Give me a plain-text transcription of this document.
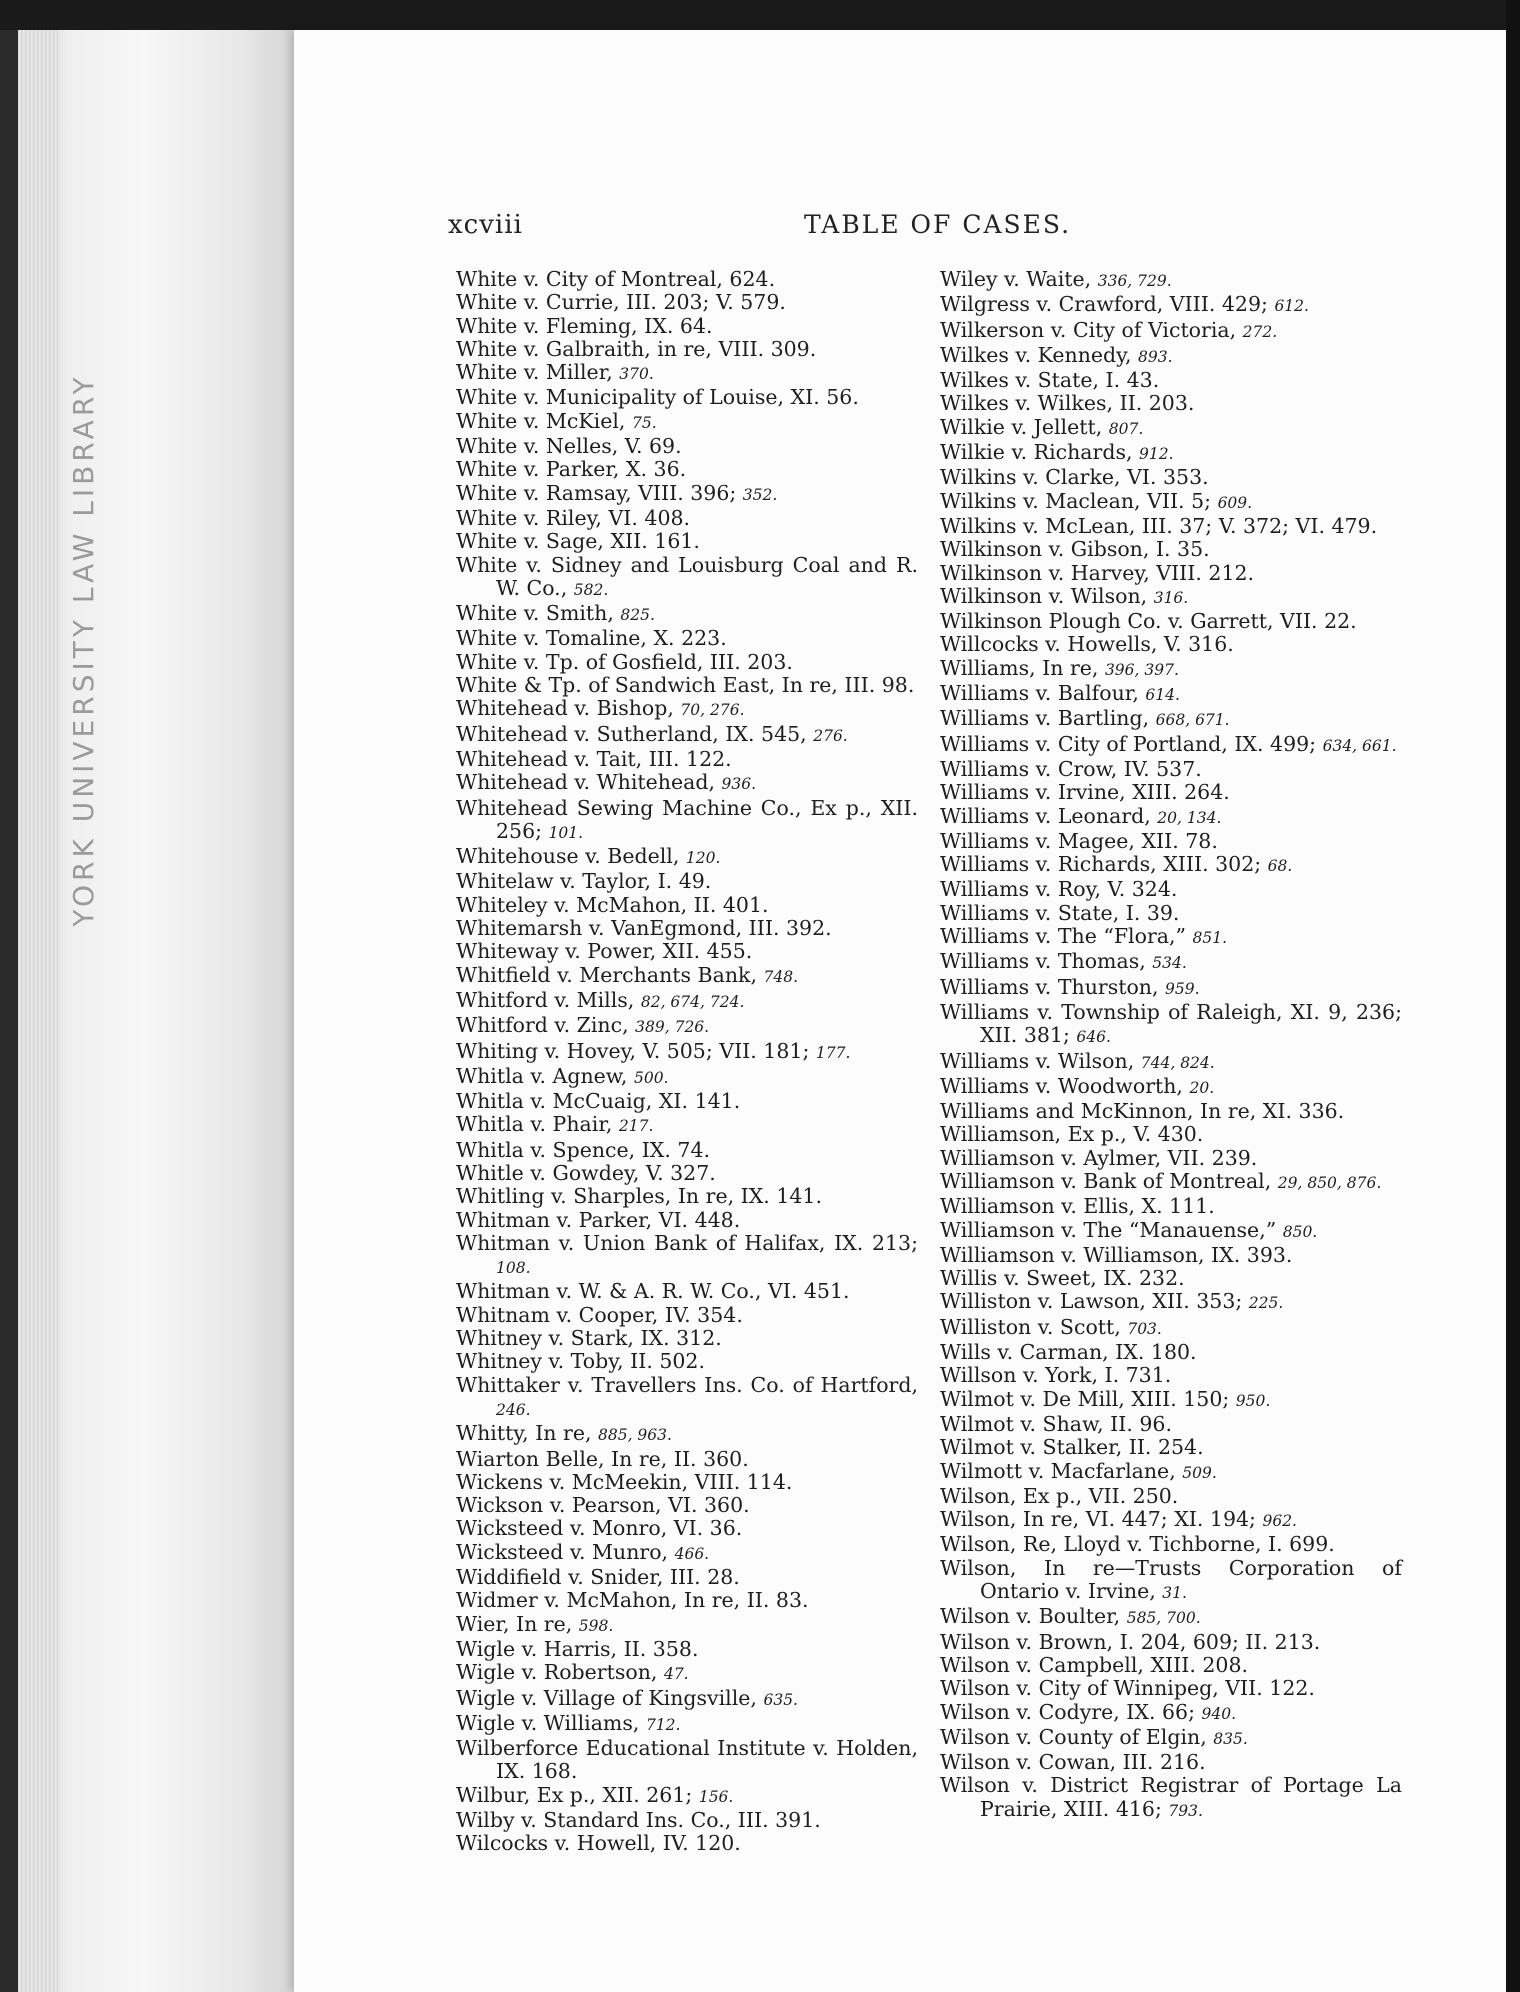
YORK UNIVERSITY LAW LIBRARY
xcviii	TABLE OF CASES.

White v. City of Montreal, 624.

White v. Currie, III. 203; V. 579.

White v. Fleming, IX. 64.

White v. Galbraith, in re, VIII. 309.

White v. Miller, 370.

White v. Municipality of Louise, XI. 56.

White v. McKiel, 75.

White v. Nelles, V. 69.

White v. Parker, X. 36.

White v. Ramsay, VIII. 396; 352.

White v. Riley, VI. 408.

White v. Sage, XII. 161.

White v. Sidney and Louisburg Coal and R. W. Co., 582.

White v. Smith, 825.

White v. Tomaline, X. 223.

White v. Tp. of Gosfield, III. 203.

White & Tp. of Sandwich East, In re, III. 98.

Whitehead v. Bishop, 70, 276.

Whitehead v. Sutherland, IX. 545, 276.

Whitehead v. Tait, III. 122.

Whitehead v. Whitehead, 936.

Whitehead Sewing Machine Co., Ex p., XII. 256; 101.

Whitehouse v. Bedell, 120.

Whitelaw v. Taylor, I. 49.

Whiteley v. McMahon, II. 401.

Whitemarsh v. VanEgmond, III. 392.

Whiteway v. Power, XII. 455.

Whitfield v. Merchants Bank, 748.

Whitford v. Mills, 82, 674, 724.

Whitford v. Zinc, 389, 726.

Whiting v. Hovey, V. 505; VII. 181; 177.

Whitla v. Agnew, 500.

Whitla v. McCuaig, XI. 141.

Whitla v. Phair, 217.

Whitla v. Spence, IX. 74.

Whitle v. Gowdey, V. 327.

Whitling v. Sharples, In re, IX. 141.

Whitman v. Parker, VI. 448.

Whitman v. Union Bank of Halifax, IX. 213; 108.

Whitman v. W. & A. R. W. Co., VI. 451.

Whitnam v. Cooper, IV. 354.

Whitney v. Stark, IX. 312.

Whitney v. Toby, II. 502.

Whittaker v. Travellers Ins. Co. of Hartford, 246.

Whitty, In re, 885, 963.

Wiarton Belle, In re, II. 360.

Wickens v. McMeekin, VIII. 114.

Wickson v. Pearson, VI. 360.

Wicksteed v. Monro, VI. 36.

Wicksteed v. Munro, 466.

Widdifield v. Snider, III. 28.

Widmer v. McMahon, In re, II. 83.

Wier, In re, 598.

Wigle v. Harris, II. 358.

Wigle v. Robertson, 47.

Wigle v. Village of Kingsville, 635.

Wigle v. Williams, 712.

Wilberforce Educational Institute v. Holden, IX. 168.

Wilbur, Ex p., XII. 261; 156.

Wilby v. Standard Ins. Co., III. 391.

Wilcocks v. Howell, IV. 120.

Wiley v. Waite, 336, 729.

Wilgress v. Crawford, VIII. 429; 612.

Wilkerson v. City of Victoria, 272.

Wilkes v. Kennedy, 893.

Wilkes v. State, I. 43.

Wilkes v. Wilkes, II. 203.

Wilkie v. Jellett, 807.

Wilkie v. Richards, 912.

Wilkins v. Clarke, VI. 353.

Wilkins v. Maclean, VII. 5; 609.

Wilkins v. McLean, III. 37; V. 372; VI. 479.

Wilkinson v. Gibson, I. 35.

Wilkinson v. Harvey, VIII. 212.

Wilkinson v. Wilson, 316.

Wilkinson Plough Co. v. Garrett, VII. 22.

Willcocks v. Howells, V. 316.

Williams, In re, 396, 397.

Williams v. Balfour, 614.

Williams v. Bartling, 668, 671.

Williams v. City of Portland, IX. 499; 634, 661.

Williams v. Crow, IV. 537.

Williams v. Irvine, XIII. 264.

Williams v. Leonard, 20, 134.

Williams v. Magee, XII. 78.

Williams v. Richards, XIII. 302; 68.

Williams v. Roy, V. 324.

Williams v. State, I. 39.

Williams v. The “Flora,” 851.

Williams v. Thomas, 534.

Williams v. Thurston, 959.

Williams v. Township of Raleigh, XI. 9, 236; XII. 381; 646.

Williams v. Wilson, 744, 824.

Williams v. Woodworth, 20.

Williams and McKinnon, In re, XI. 336.

Williamson, Ex p., V. 430.

Williamson v. Aylmer, VII. 239.

Williamson v. Bank of Montreal, 29, 850, 876.

Williamson v. Ellis, X. 111.

Williamson v. The “Manauense,” 850.

Williamson v. Williamson, IX. 393.

Willis v. Sweet, IX. 232.

Williston v. Lawson, XII. 353; 225.

Williston v. Scott, 703.

Wills v. Carman, IX. 180.

Willson v. York, I. 731.

Wilmot v. De Mill, XIII. 150; 950.

Wilmot v. Shaw, II. 96.

Wilmot v. Stalker, II. 254.

Wilmott v. Macfarlane, 509.

Wilson, Ex p., VII. 250.

Wilson, In re, VI. 447; XI. 194; 962.

Wilson, Re, Lloyd v. Tichborne, I. 699.

Wilson, In re—Trusts Corporation of Ontario v. Irvine, 31.

Wilson v. Boulter, 585, 700.

Wilson v. Brown, I. 204, 609; II. 213.

Wilson v. Campbell, XIII. 208.

Wilson v. City of Winnipeg, VII. 122.

Wilson v. Codyre, IX. 66; 940.

Wilson v. County of Elgin, 835.

Wilson v. Cowan, III. 216.

Wilson v. District Registrar of Portage La Prairie, XIII. 416; 793.
